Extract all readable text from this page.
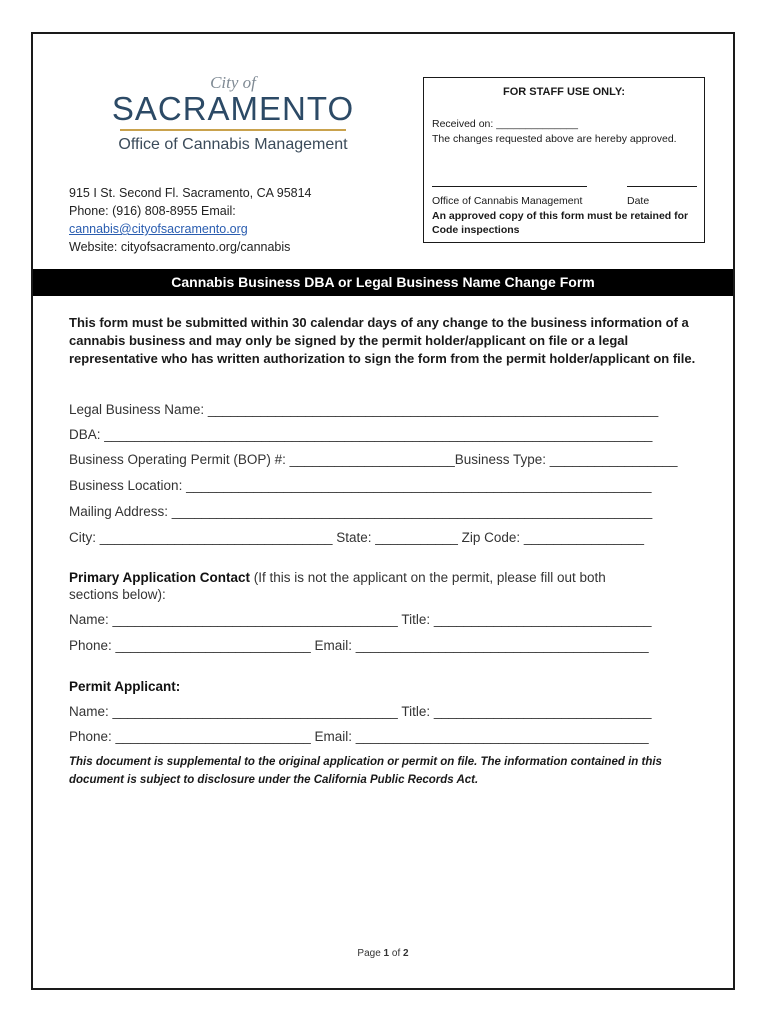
City of
SACRAMENTO
Office of Cannabis Management
915 I St. Second Fl. Sacramento, CA 95814
Phone: (916) 808-8955 Email:
cannabis@cityofsacramento.org
Website: cityofsacramento.org/cannabis
FOR STAFF USE ONLY:
Received on: ______________
The changes requested above are hereby approved.
Office of Cannabis Management	Date
An approved copy of this form must be retained for Code inspections
Cannabis Business DBA or Legal Business Name Change Form
This form must be submitted within 30 calendar days of any change to the business information of a cannabis business and may only be signed by the permit holder/applicant on file or a legal representative who has written authorization to sign the form from the permit holder/applicant on file.
Legal Business Name: ____________________________________________________________
DBA: _________________________________________________________________________
Business Operating Permit (BOP) #: ______________________Business Type: _________________
Business Location: ______________________________________________________________
Mailing Address: ________________________________________________________________
City: _______________________________ State: ___________ Zip Code: ________________
Primary Application Contact (If this is not the applicant on the permit, please fill out both
sections below):
Name: ______________________________________ Title: _____________________________
Phone: __________________________ Email: _______________________________________
Permit Applicant:
Name: ______________________________________ Title: _____________________________
Phone: __________________________ Email: _______________________________________
This document is supplemental to the original application or permit on file. The information contained in this document is subject to disclosure under the California Public Records Act.
Page 1 of 2
